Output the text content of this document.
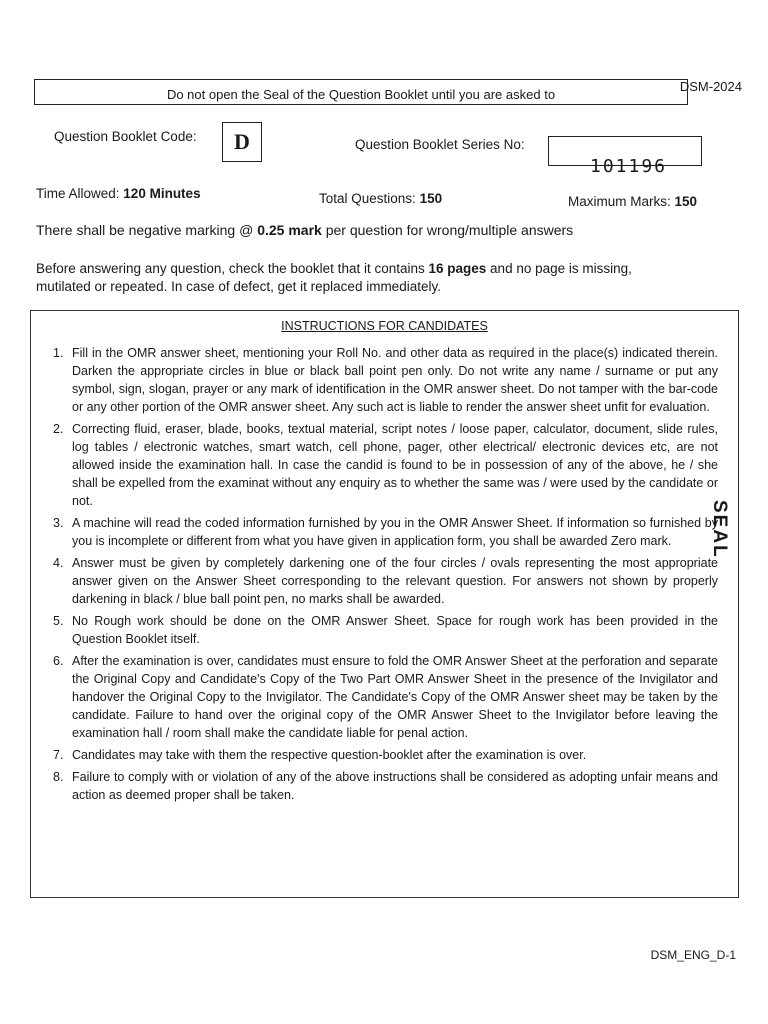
DSM-2024
Do not open the Seal of the Question Booklet until you are asked to
Question Booklet Code:	D	Question Booklet Series No:
101196
Time Allowed: 120 Minutes	Total Questions: 150	Maximum Marks: 150
There shall be negative marking @ 0.25 mark per question for wrong/multiple answers
Before answering any question, check the booklet that it contains 16 pages and no page is missing,
mutilated or repeated. In case of defect, get it replaced immediately.
INSTRUCTIONS FOR CANDIDATES
1. Fill in the OMR answer sheet, mentioning your Roll No. and other data as required in the place(s) indicated therein. Darken the appropriate circles in blue or black ball point pen only. Do not write any name / surname or put any symbol, sign, slogan, prayer or any mark of identification in the OMR answer sheet. Do not tamper with the bar-code or any other portion of the OMR answer sheet. Any such act is liable to render the answer sheet unfit for evaluation.
2. Correcting fluid, eraser, blade, books, textual material, script notes / loose paper, calculator, document, slide rules, log tables / electronic watches, smart watch, cell phone, pager, other electrical/ electronic devices etc, are not allowed inside the examination hall. In case the candid is found to be in possession of any of the above, he / she shall be expelled from the examinat without any enquiry as to whether the same was / were used by the candidate or not.
3. A machine will read the coded information furnished by you in the OMR Answer Sheet. If information so furnished by you is incomplete or different from what you have given in application form, you shall be awarded Zero mark.
4. Answer must be given by completely darkening one of the four circles / ovals representing the most appropriate answer given on the Answer Sheet corresponding to the relevant question. For answers not shown by properly darkening in black / blue ball point pen, no marks shall be awarded.
5. No Rough work should be done on the OMR Answer Sheet. Space for rough work has been provided in the Question Booklet itself.
6. After the examination is over, candidates must ensure to fold the OMR Answer Sheet at the perforation and separate the Original Copy and Candidate's Copy of the Two Part OMR Answer Sheet in the presence of the Invigilator and handover the Original Copy to the Invigilator. The Candidate's Copy of the OMR Answer sheet may be taken by the candidate. Failure to hand over the original copy of the OMR Answer Sheet to the Invigilator before leaving the examination hall / room shall make the candidate liable for penal action.
7. Candidates may take with them the respective question-booklet after the examination is over.
8. Failure to comply with or violation of any of the above instructions shall be considered as adopting unfair means and action as deemed proper shall be taken.
SEAL
DSM_ENG_D-1
